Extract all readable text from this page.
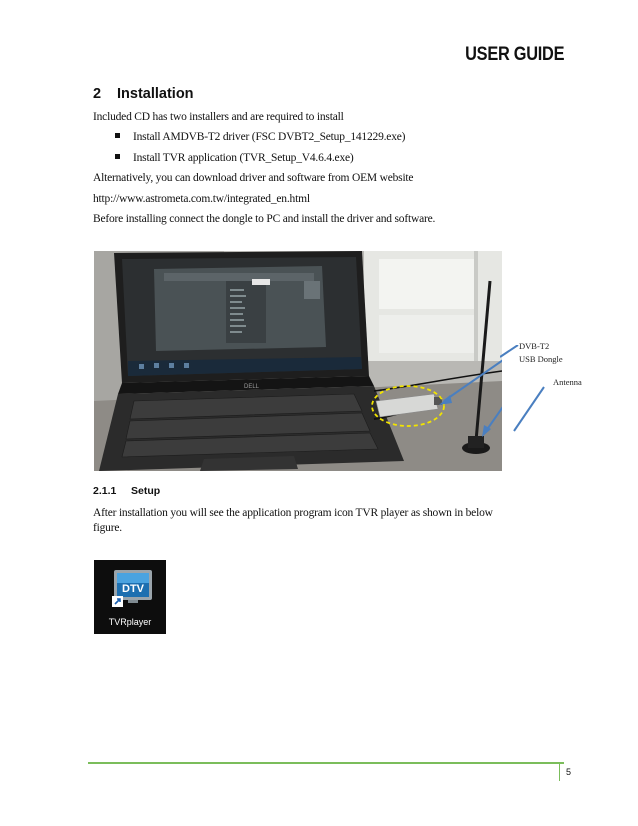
USER GUIDE
2 Installation
Included CD has two installers and are required to install
Install AMDVB-T2 driver (FSC DVBT2_Setup_141229.exe)
Install TVR application (TVR_Setup_V4.6.4.exe)
Alternatively, you can download driver and software from OEM website
http://www.astrometa.com.tw/integrated_en.html
Before installing connect the dongle to PC and install the driver and software.
DELL
DVB-T2
USB Dongle
Antenna
2.1.1 Setup
After installation you will see the application program icon TVR player as shown in below
figure.
DTV
TVRplayer
5
